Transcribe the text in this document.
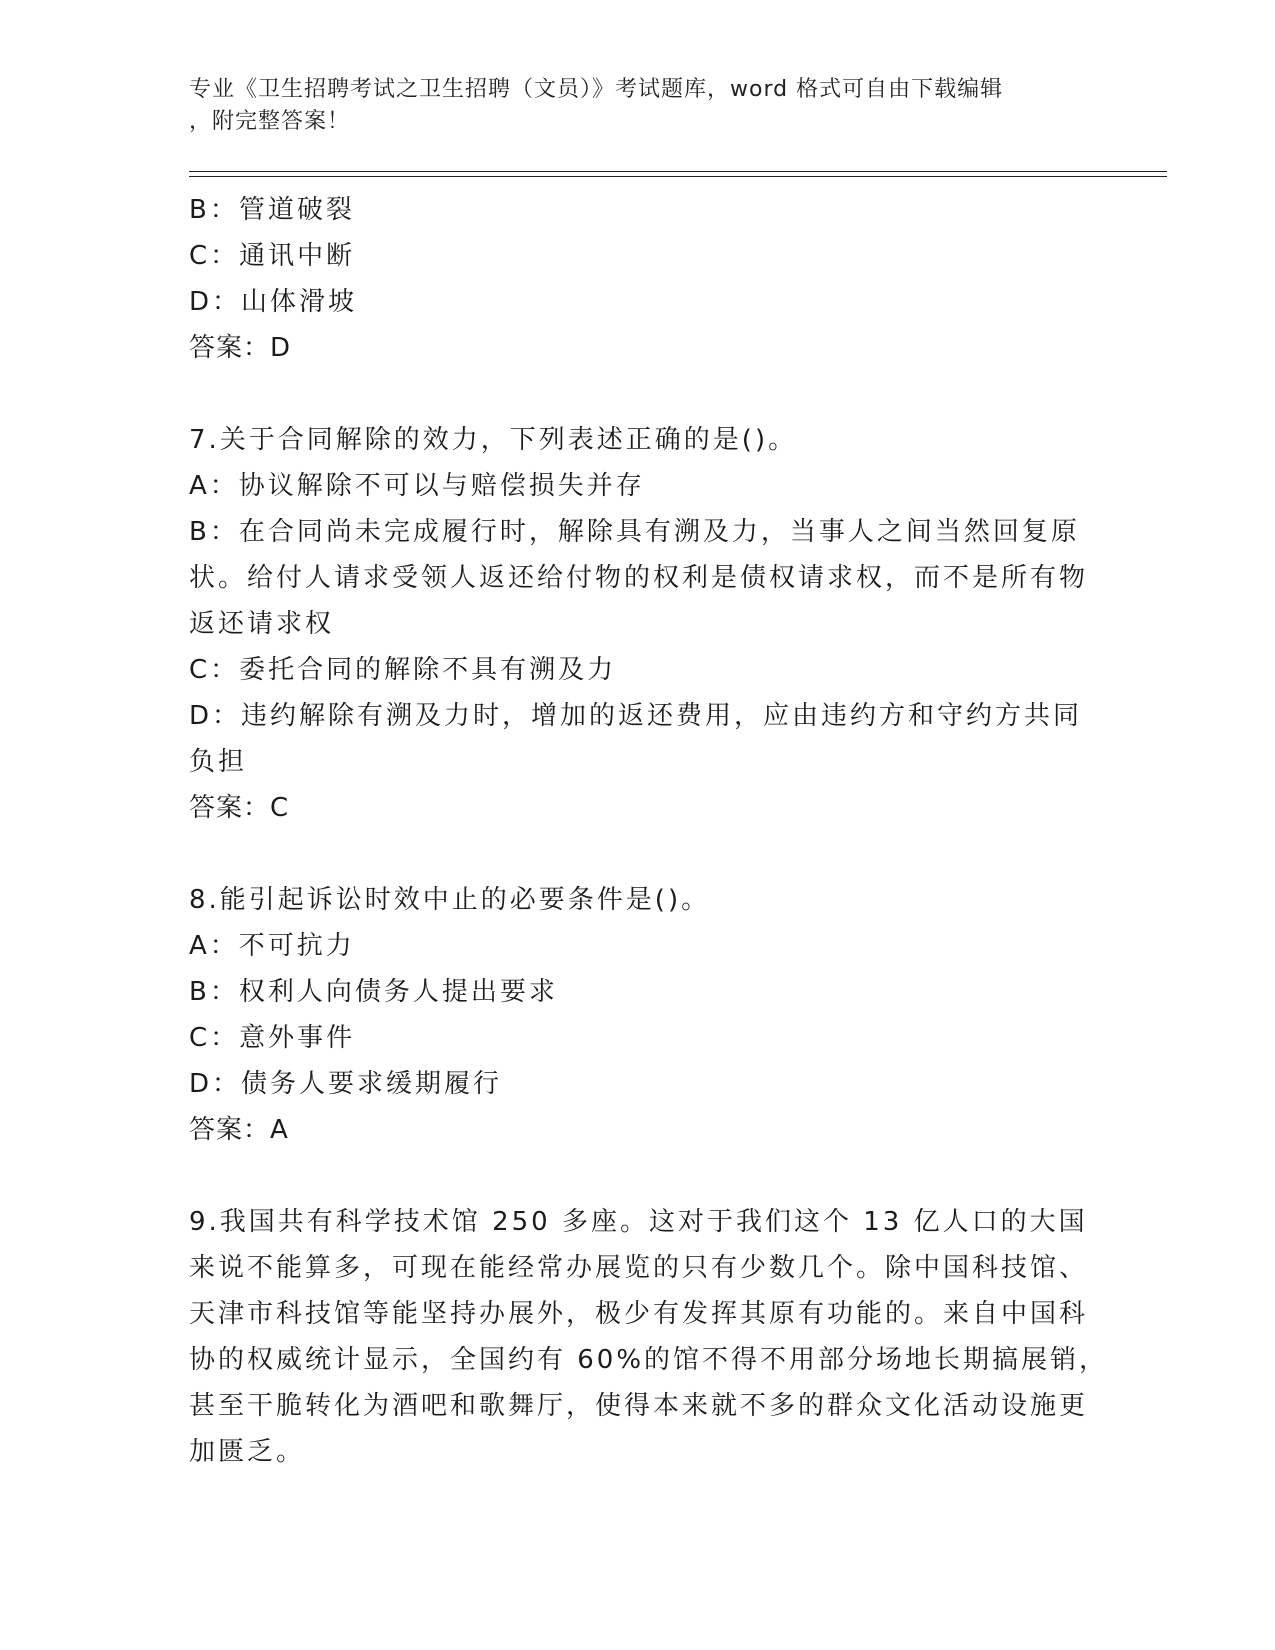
专业《卫生招聘考试之卫生招聘（文员）》考试题库，word 格式可自由下载编辑
，附完整答案！

B：管道破裂

C：通讯中断

D：山体滑坡

答案：D

7.关于合同解除的效力，下列表述正确的是()。

A：协议解除不可以与赔偿损失并存

B：在合同尚未完成履行时，解除具有溯及力，当事人之间当然回复原状。给付人请求受领人返还给付物的权利是债权请求权，而不是所有物返还请求权

C：委托合同的解除不具有溯及力

D：违约解除有溯及力时，增加的返还费用，应由违约方和守约方共同负担

答案：C

8.能引起诉讼时效中止的必要条件是()。

A：不可抗力

B：权利人向债务人提出要求

C：意外事件

D：债务人要求缓期履行

答案：A

9.我国共有科学技术馆 250 多座。这对于我们这个 13 亿人口的大国来说不能算多，可现在能经常办展览的只有少数几个。除中国科技馆、天津市科技馆等能坚持办展外，极少有发挥其原有功能的。来自中国科协的权威统计显示，全国约有 60%的馆不得不用部分场地长期搞展销，甚至干脆转化为酒吧和歌舞厅，使得本来就不多的群众文化活动设施更加匮乏。
